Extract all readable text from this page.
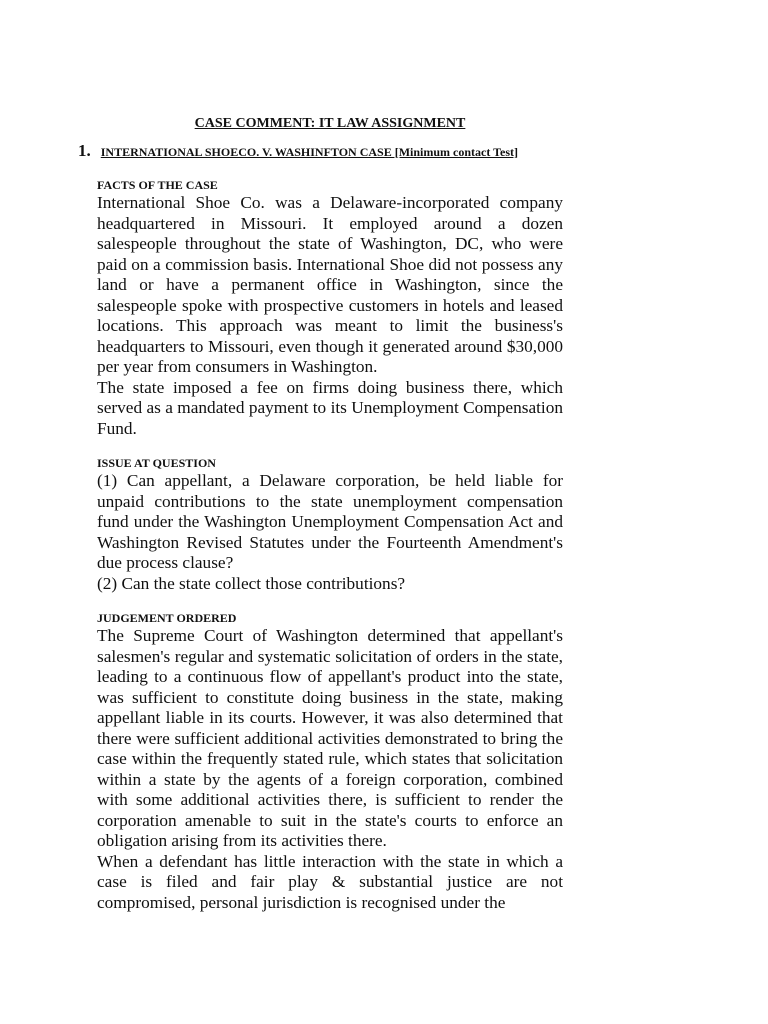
CASE COMMENT: IT LAW ASSIGNMENT
1. INTERNATIONAL SHOECO. V. WASHINFTON CASE [Minimum contact Test]
FACTS OF THE CASE

International Shoe Co. was a Delaware-incorporated company headquartered in Missouri. It employed around a dozen salespeople throughout the state of Washington, DC, who were paid on a commission basis. International Shoe did not possess any land or have a permanent office in Washington, since the salespeople spoke with prospective customers in hotels and leased locations. This approach was meant to limit the business's headquarters to Missouri, even though it generated around $30,000 per year from consumers in Washington.

The state imposed a fee on firms doing business there, which served as a mandated payment to its Unemployment Compensation Fund.

ISSUE AT QUESTION

(1) Can appellant, a Delaware corporation, be held liable for unpaid contributions to the state unemployment compensation fund under the Washington Unemployment Compensation Act and Washington Revised Statutes under the Fourteenth Amendment's due process clause?

(2) Can the state collect those contributions?

JUDGEMENT ORDERED

The Supreme Court of Washington determined that appellant's salesmen's regular and systematic solicitation of orders in the state, leading to a continuous flow of appellant's product into the state, was sufficient to constitute doing business in the state, making appellant liable in its courts. However, it was also determined that there were sufficient additional activities demonstrated to bring the case within the frequently stated rule, which states that solicitation within a state by the agents of a foreign corporation, combined with some additional activities there, is sufficient to render the corporation amenable to suit in the state's courts to enforce an obligation arising from its activities there.

When a defendant has little interaction with the state in which a case is filed and fair play & substantial justice are not compromised, personal jurisdiction is recognised under the
